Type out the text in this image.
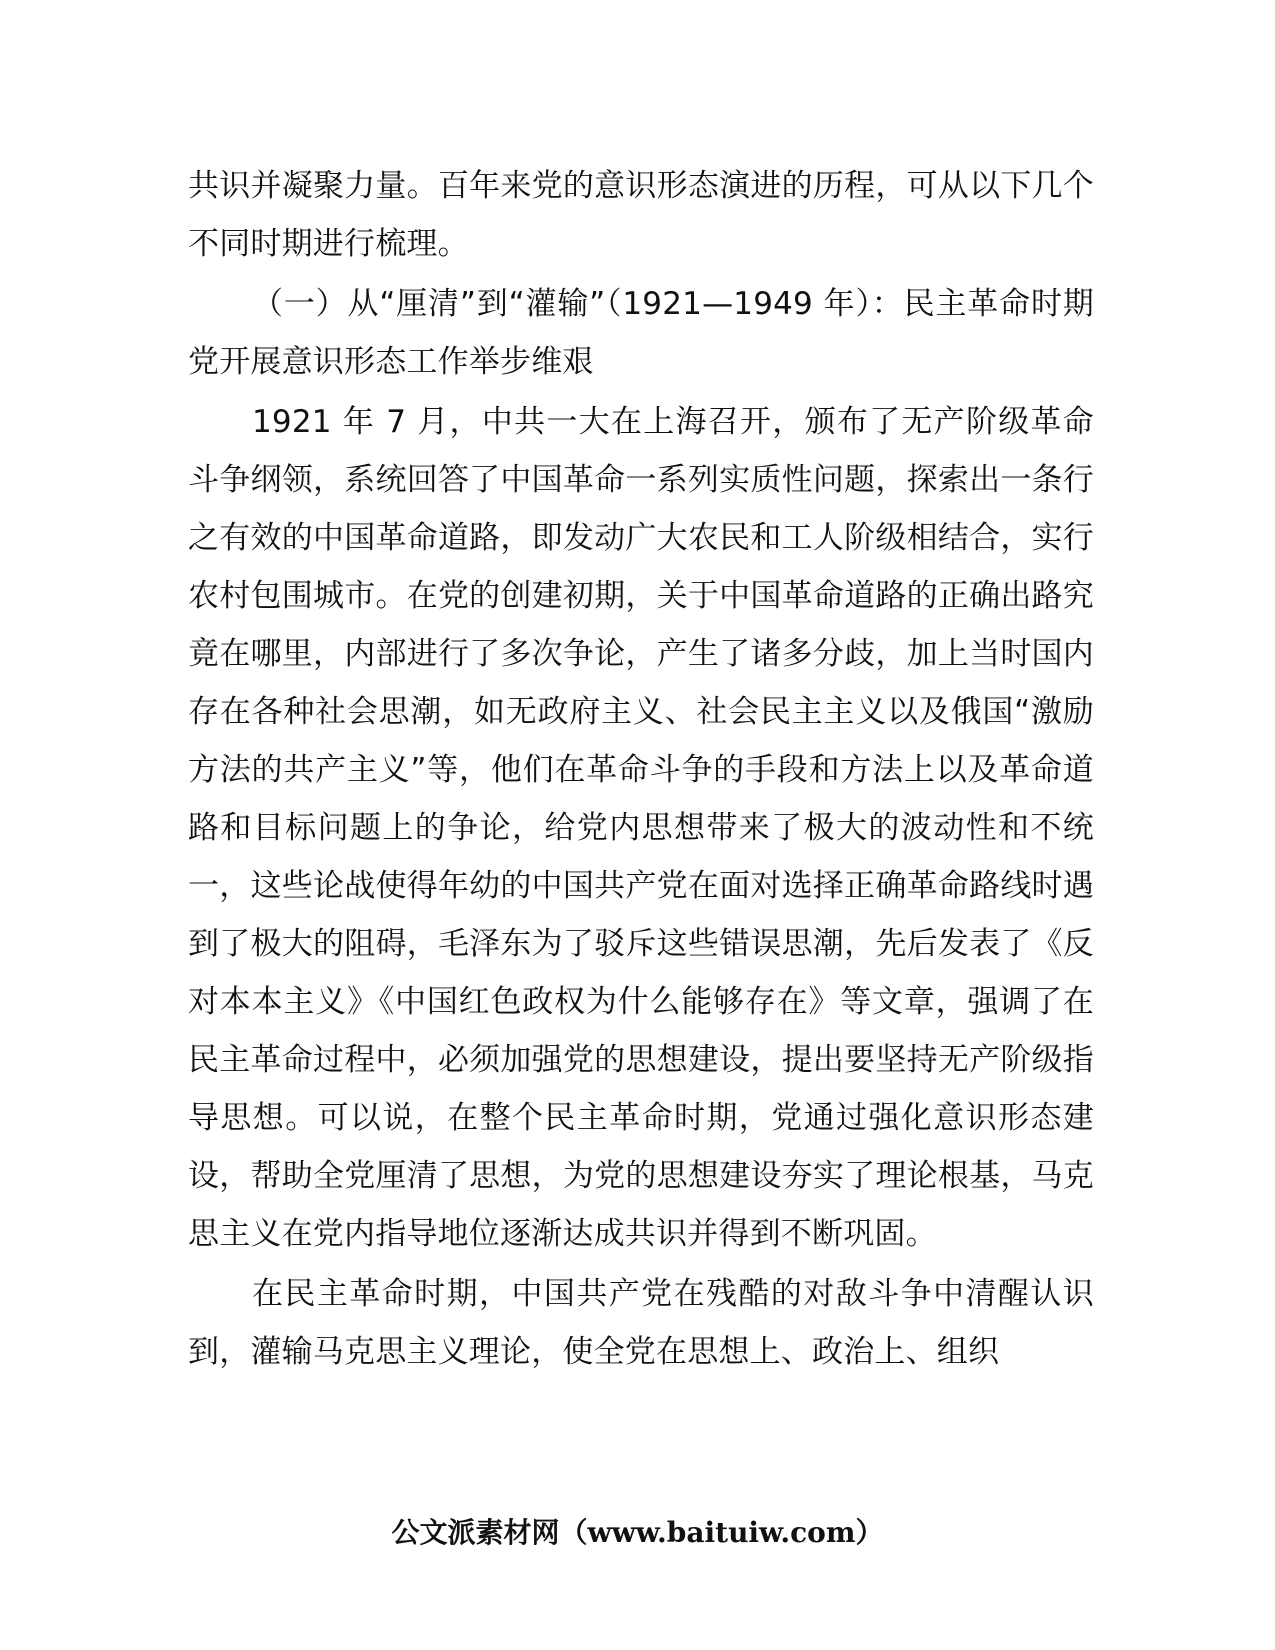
共识并凝聚力量。百年来党的意识形态演进的历程，可从以下几个不同时期进行梳理。

（一）从“厘清”到“灌输”（1921—1949 年）：民主革命时期党开展意识形态工作举步维艰

1921 年 7 月，中共一大在上海召开，颁布了无产阶级革命斗争纲领，系统回答了中国革命一系列实质性问题，探索出一条行之有效的中国革命道路，即发动广大农民和工人阶级相结合，实行农村包围城市。在党的创建初期，关于中国革命道路的正确出路究竟在哪里，内部进行了多次争论，产生了诸多分歧，加上当时国内存在各种社会思潮，如无政府主义、社会民主主义以及俄国“激励方法的共产主义”等，他们在革命斗争的手段和方法上以及革命道路和目标问题上的争论，给党内思想带来了极大的波动性和不统一，这些论战使得年幼的中国共产党在面对选择正确革命路线时遇到了极大的阻碍，毛泽东为了驳斥这些错误思潮，先后发表了《反对本本主义》《中国红色政权为什么能够存在》等文章，强调了在民主革命过程中，必须加强党的思想建设，提出要坚持无产阶级指导思想。可以说，在整个民主革命时期，党通过强化意识形态建设，帮助全党厘清了思想，为党的思想建设夯实了理论根基，马克思主义在党内指导地位逐渐达成共识并得到不断巩固。

在民主革命时期，中国共产党在残酷的对敌斗争中清醒认识到，灌输马克思主义理论，使全党在思想上、政治上、组织

公文派素材网（www.baituiw.com）
